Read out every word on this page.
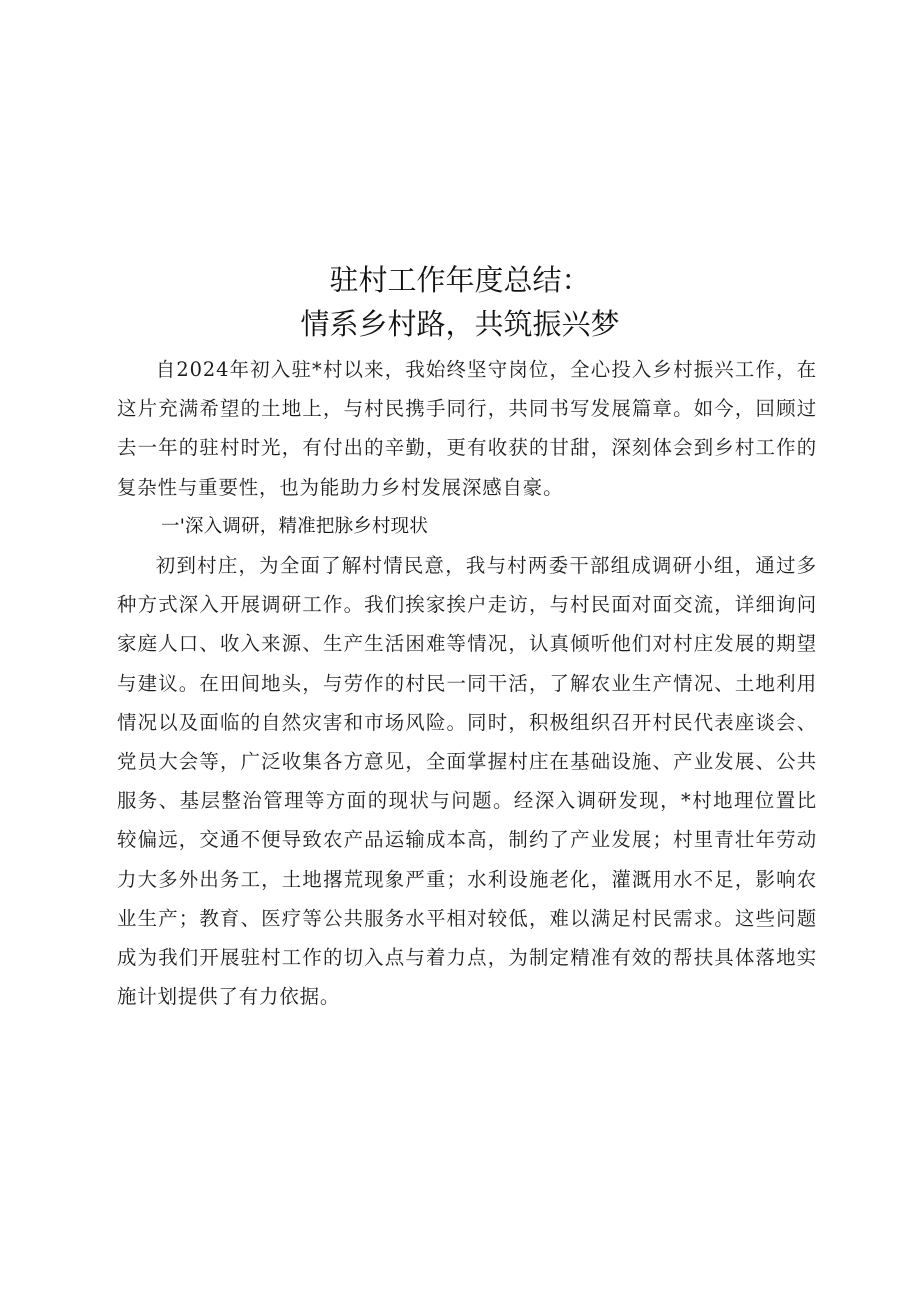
驻村工作年度总结：
情系乡村路，共筑振兴梦

自2024年初入驻*村以来，我始终坚守岗位，全心投入乡村振兴工作，在这片充满希望的土地上，与村民携手同行，共同书写发展篇章。如今，回顾过去一年的驻村时光，有付出的辛勤，更有收获的甘甜，深刻体会到乡村工作的复杂性与重要性，也为能助力乡村发展深感自豪。

一'深入调研，精准把脉乡村现状

初到村庄，为全面了解村情民意，我与村两委干部组成调研小组，通过多种方式深入开展调研工作。我们挨家挨户走访，与村民面对面交流，详细询问家庭人口、收入来源、生产生活困难等情况，认真倾听他们对村庄发展的期望与建议。在田间地头，与劳作的村民一同干活，了解农业生产情况、土地利用情况以及面临的自然灾害和市场风险。同时，积极组织召开村民代表座谈会、党员大会等，广泛收集各方意见，全面掌握村庄在基础设施、产业发展、公共服务、基层整治管理等方面的现状与问题。经深入调研发现，*村地理位置比较偏远，交通不便导致农产品运输成本高，制约了产业发展；村里青壮年劳动力大多外出务工，土地撂荒现象严重；水利设施老化，灌溉用水不足，影响农业生产；教育、医疗等公共服务水平相对较低，难以满足村民需求。这些问题成为我们开展驻村工作的切入点与着力点，为制定精准有效的帮扶具体落地实施计划提供了有力依据。
